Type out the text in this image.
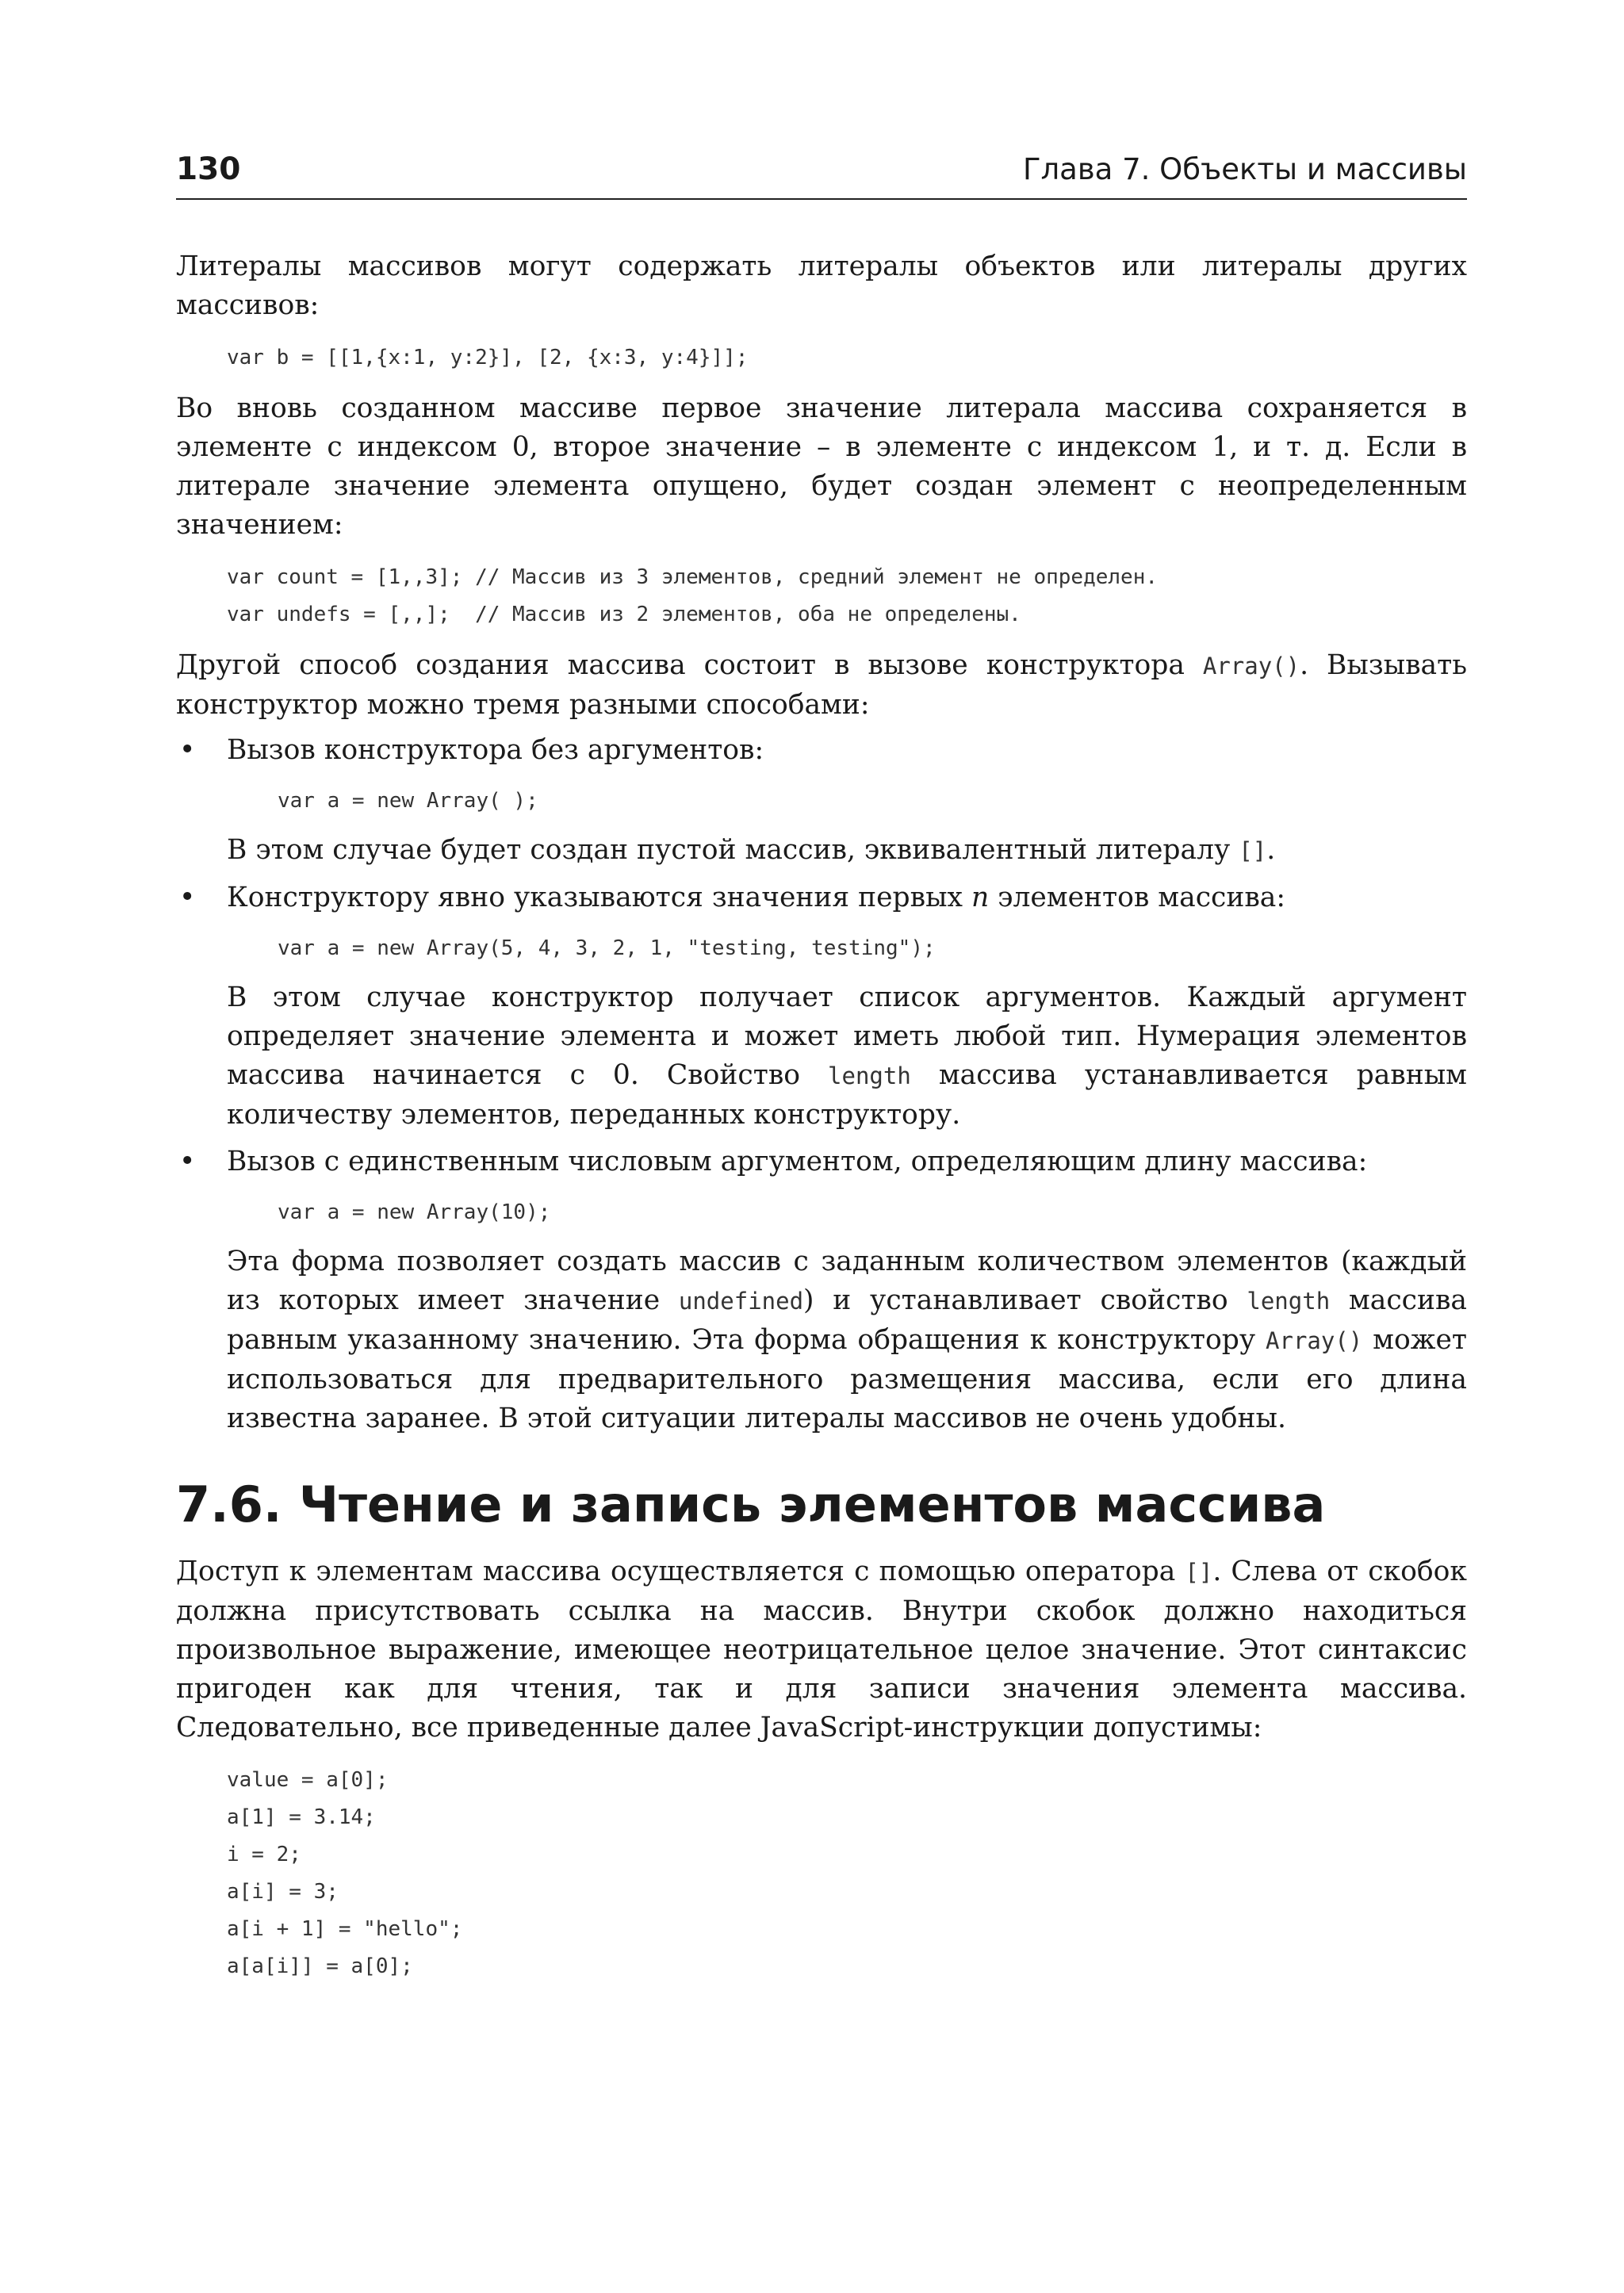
130	Глава 7. Объекты и массивы

Литералы массивов могут содержать литералы объектов или литералы других массивов:

var b = [[1,{x:1, y:2}], [2, {x:3, y:4}]];

Во вновь созданном массиве первое значение литерала массива сохраняется в элементе с индексом 0, второе значение – в элементе с индексом 1, и т. д. Если в литерале значение элемента опущено, будет создан элемент с неопределенным значением:

var count = [1,,3]; // Массив из 3 элементов, средний элемент не определен.
var undefs = [,,];  // Массив из 2 элементов, оба не определены.

Другой способ создания массива состоит в вызове конструктора Array(). Вызывать конструктор можно тремя разными способами:

• Вызов конструктора без аргументов:

var a = new Array( );

В этом случае будет создан пустой массив, эквивалентный литералу [].

• Конструктору явно указываются значения первых n элементов массива:

var a = new Array(5, 4, 3, 2, 1, "testing, testing");

В этом случае конструктор получает список аргументов. Каждый аргумент определяет значение элемента и может иметь любой тип. Нумерация элементов массива начинается с 0. Свойство length массива устанавливается равным количеству элементов, переданных конструктору.

• Вызов с единственным числовым аргументом, определяющим длину массива:

var a = new Array(10);

Эта форма позволяет создать массив с заданным количеством элементов (каждый из которых имеет значение undefined) и устанавливает свойство length массива равным указанному значению. Эта форма обращения к конструктору Array() может использоваться для предварительного размещения массива, если его длина известна заранее. В этой ситуации литералы массивов не очень удобны.

7.6. Чтение и запись элементов массива

Доступ к элементам массива осуществляется с помощью оператора []. Слева от скобок должна присутствовать ссылка на массив. Внутри скобок должно находиться произвольное выражение, имеющее неотрицательное целое значение. Этот синтаксис пригоден как для чтения, так и для записи значения элемента массива. Следовательно, все приведенные далее JavaScript-инструкции допустимы:

value = a[0];
a[1] = 3.14;
i = 2;
a[i] = 3;
a[i + 1] = "hello";
a[a[i]] = a[0];
